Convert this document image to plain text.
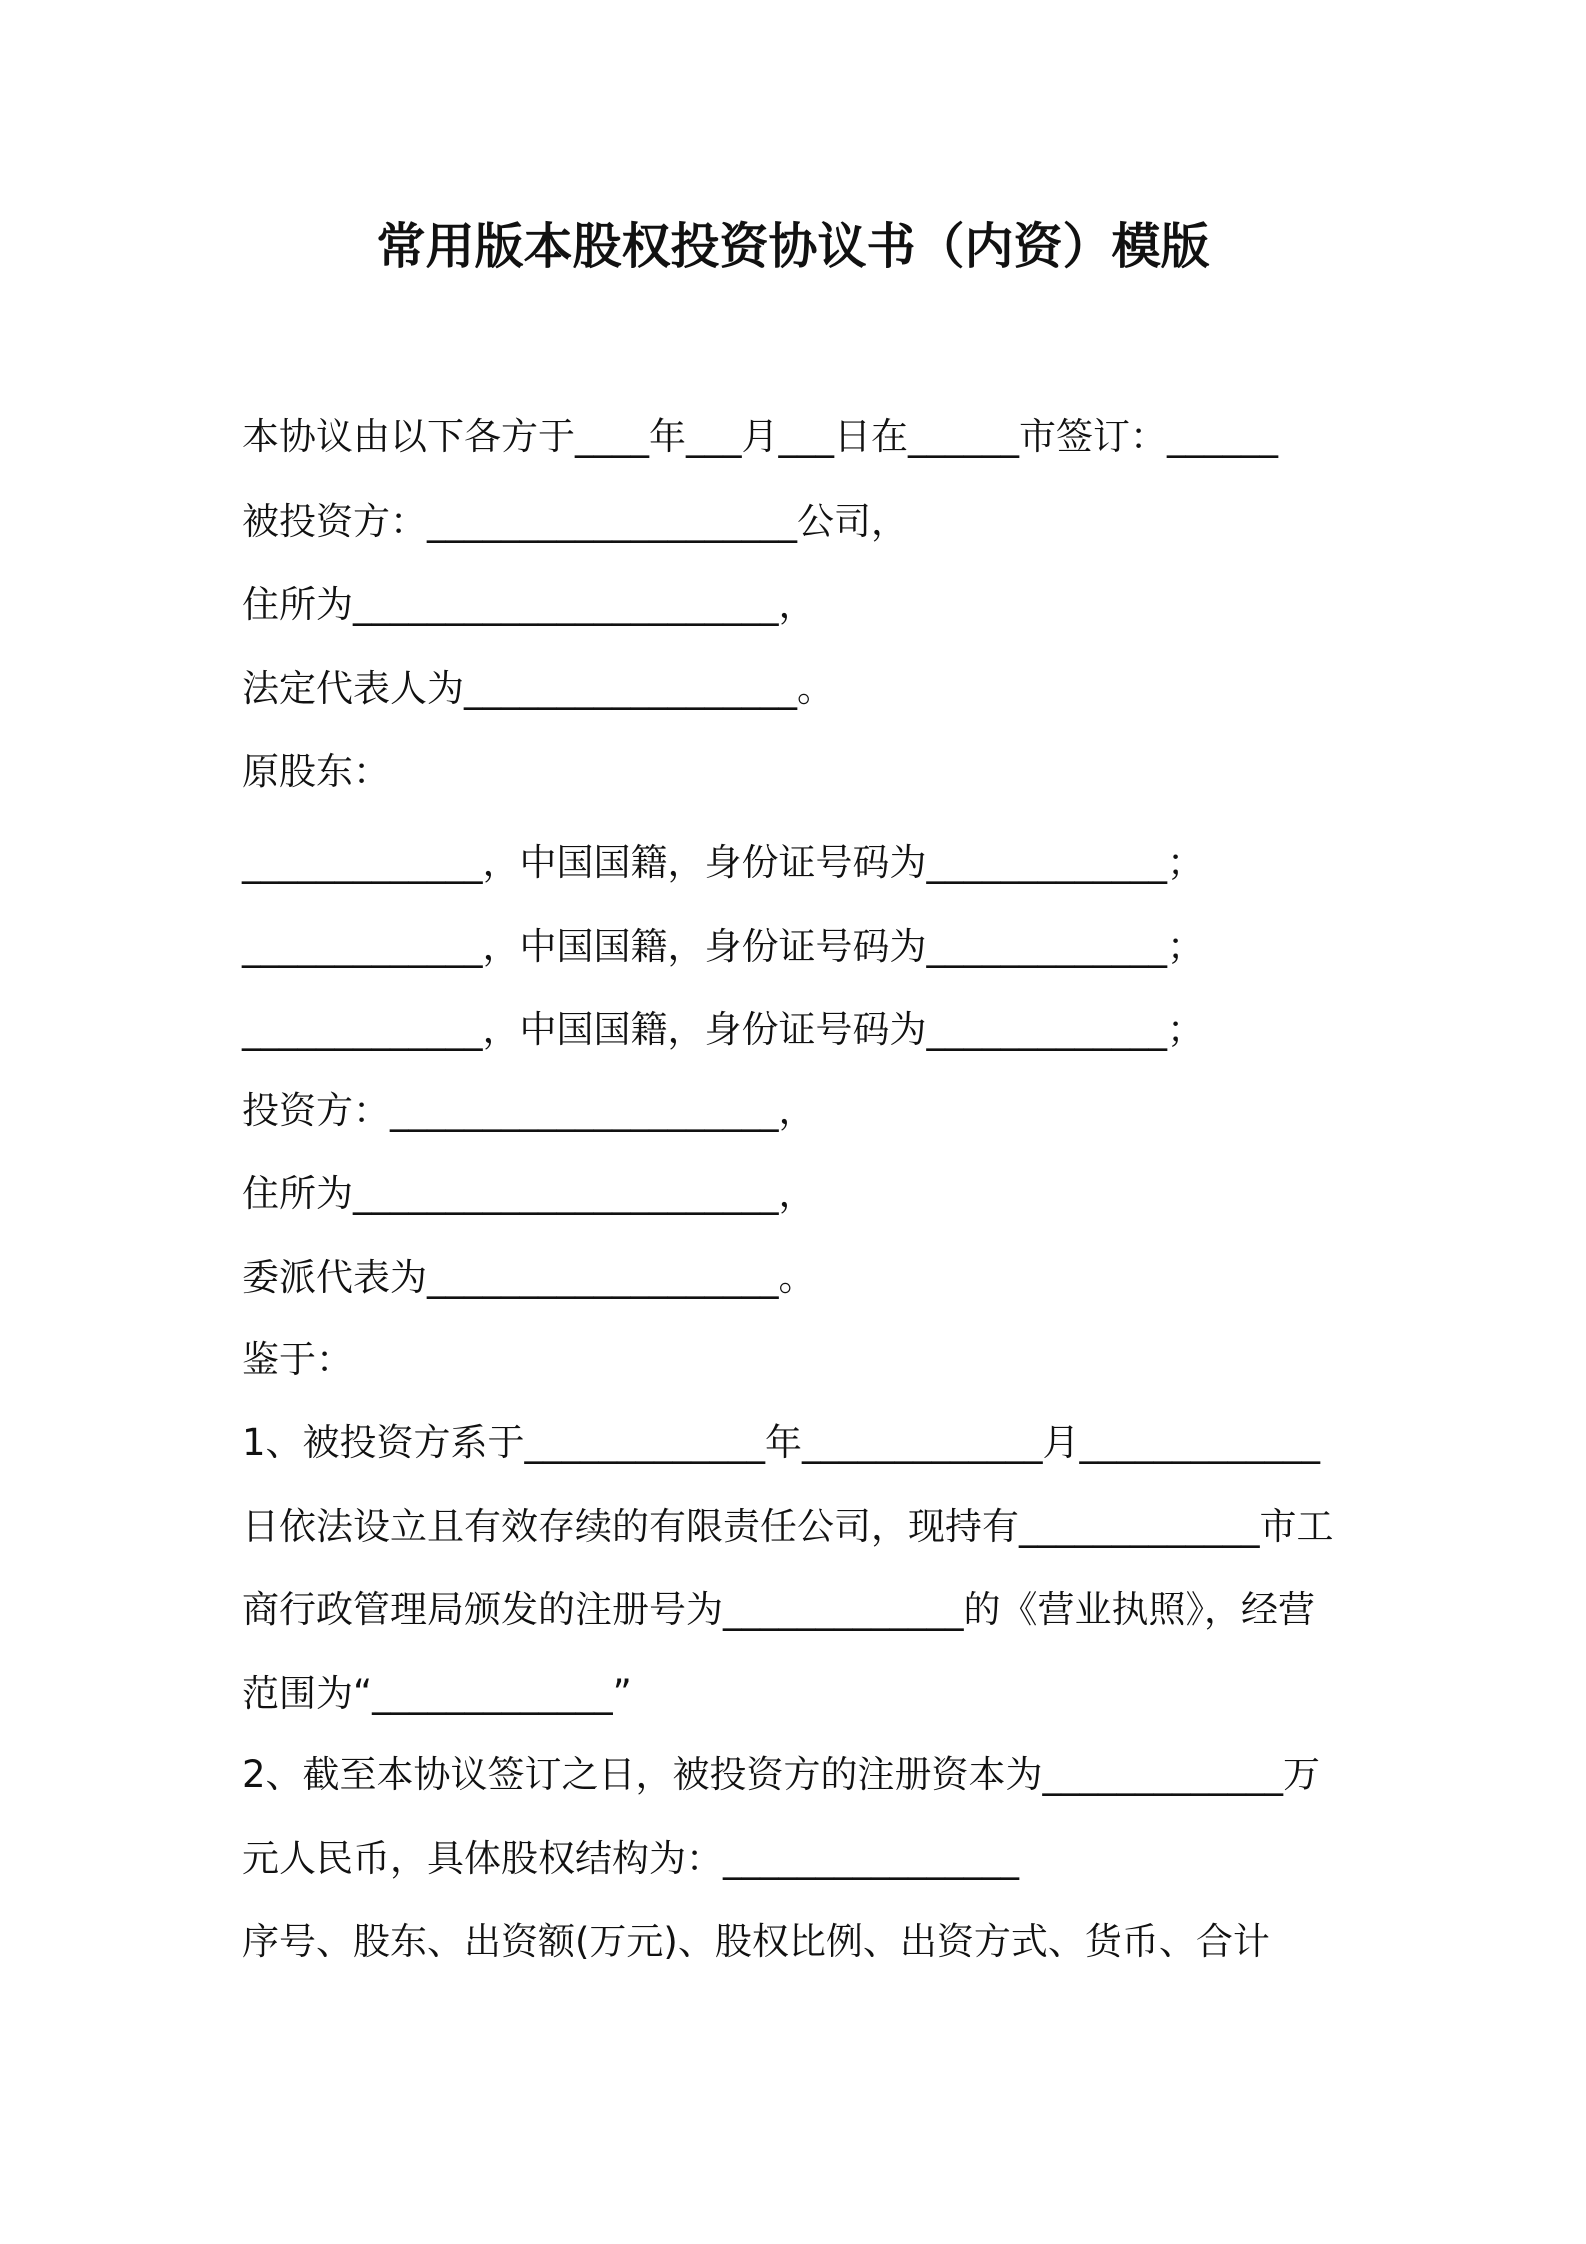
常用版本股权投资协议书（内资）模版
本协议由以下各方于____年___月___日在______市签订：______
被投资方：____________________公司，
住所为_______________________，
法定代表人为__________________。
原股东：
_____________，中国国籍，身份证号码为_____________；
_____________，中国国籍，身份证号码为_____________；
_____________，中国国籍，身份证号码为_____________；
投资方：_____________________，
住所为_______________________，
委派代表为___________________。
鉴于：
1、被投资方系于_____________年_____________月_____________
日依法设立且有效存续的有限责任公司，现持有_____________市工
商行政管理局颁发的注册号为_____________的《营业执照》，经营
范围为“_____________”
2、截至本协议签订之日，被投资方的注册资本为_____________万
元人民币，具体股权结构为：________________
序号、股东、出资额(万元)、股权比例、出资方式、货币、合计
